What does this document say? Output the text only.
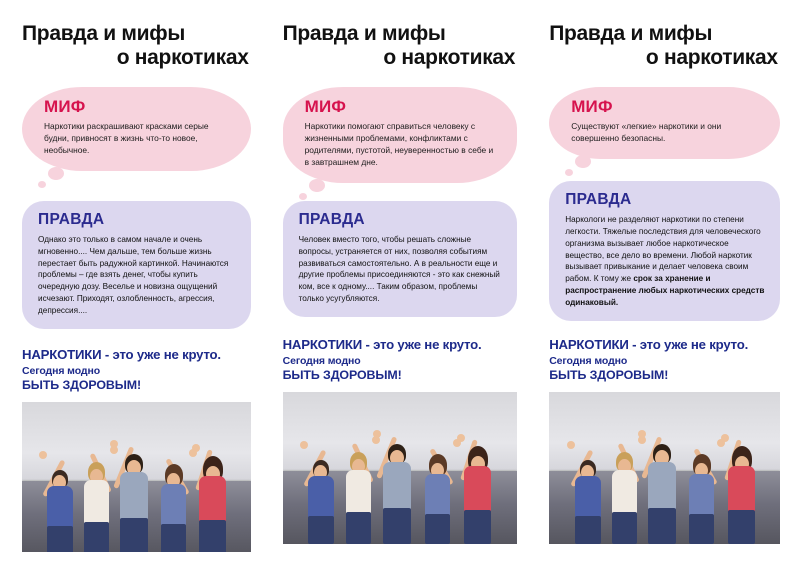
Правда и мифы
о наркотиках
МИФ
Наркотики раскрашивают красками серые будни, привносят в жизнь что-то новое, необычное.
ПРАВДА
Однако это только в самом начале и очень мгновенно.... Чем дальше, тем больше жизнь перестает быть радужной картинкой. Начинаются проблемы – где взять денег, чтобы купить очередную дозу. Веселье и новизна ощущений исчезают. Приходят, озлобленность, агрессия, депрессия....
НАРКОТИКИ - это уже не круто.
Сегодня модно
БЫТЬ ЗДОРОВЫМ!
Правда и мифы
о наркотиках
МИФ
Наркотики помогают справиться человеку с жизненными проблемами, конфликтами с родителями, пустотой, неуверенностью в себе и в завтрашнем дне.
ПРАВДА
Человек вместо того, чтобы решать сложные вопросы, устраняется от них, позволяя событиям развиваться самостоятельно. А в реальности еще и другие проблемы присоединяются - это как снежный ком, все к одному.... Таким образом, проблемы только усугубляются.
НАРКОТИКИ - это уже не круто.
Сегодня модно
БЫТЬ ЗДОРОВЫМ!
Правда и мифы
о наркотиках
МИФ
Существуют «легкие» наркотики и они совершенно безопасны.
ПРАВДА
Наркологи не разделяют наркотики по степени легкости. Тяжелые последствия для человеческого организма вызывает любое наркотическое вещество, все дело во времени. Любой наркотик вызывает привыкание и делает человека своим рабом. К тому же срок за хранение и распространение любых наркотических средств одинаковый.
НАРКОТИКИ - это уже не круто.
Сегодня модно
БЫТЬ ЗДОРОВЫМ!
